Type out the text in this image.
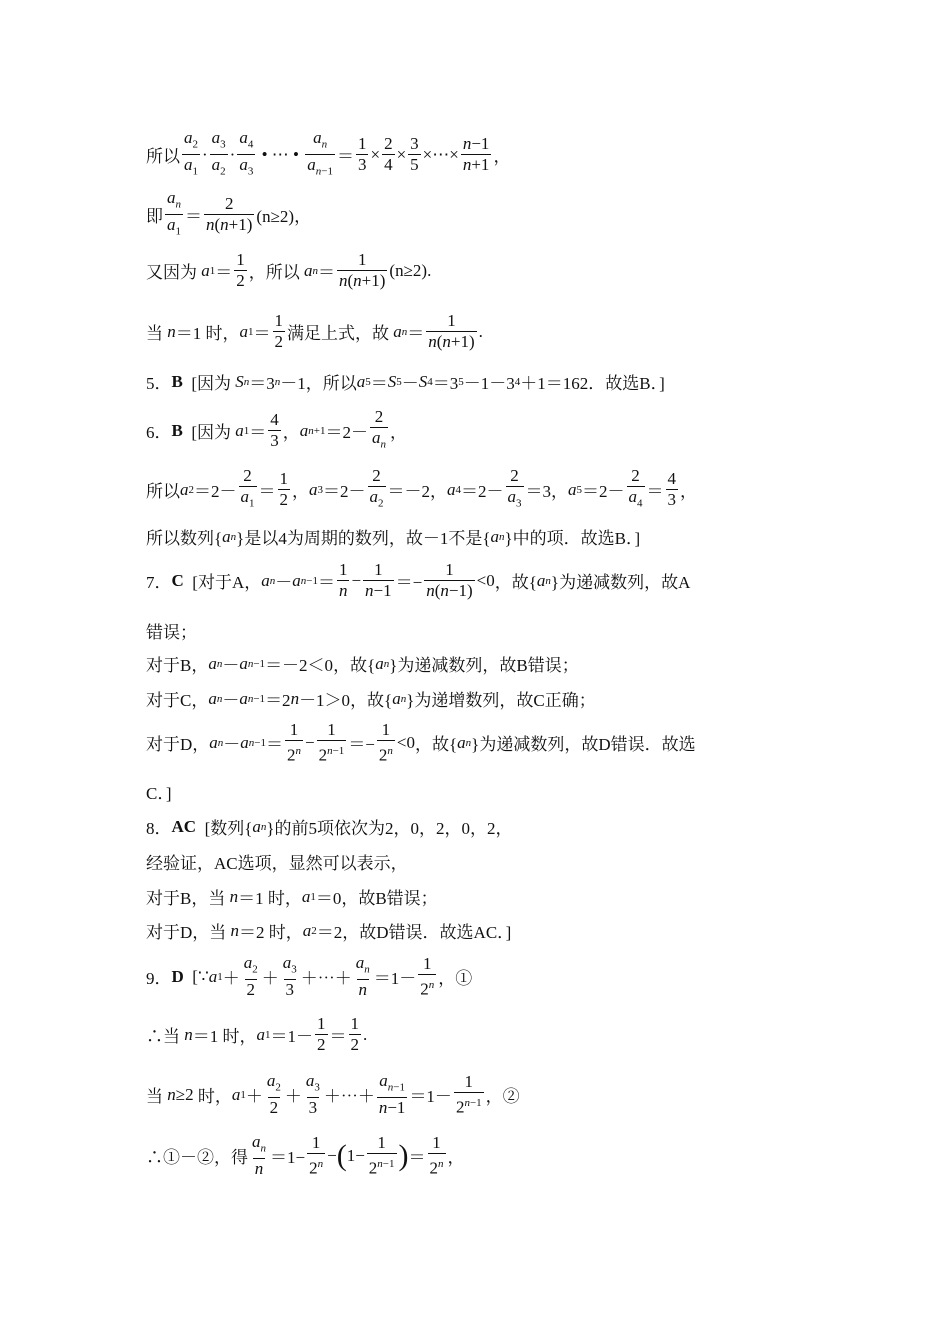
所以 $\frac{a_2}{a_1} \cdot \frac{a_3}{a_2} \cdot \frac{a_4}{a_3}$ • ⋯ • $\frac{a_n}{a_{n-1}} = \frac{1}{3} \times \frac{2}{4} \times \frac{3}{5}$ ×⋯× $\frac{n-1}{n+1}$ ，
即 $\frac{a_n}{a_1} = \frac{2}{n(n+1)} (n\ge 2)$，
又因为
a $1 = \frac{1}{2}$ ，所以
a $n = \frac{1}{n(n+1)} (n\ge 2)$.
当
n ＝1 时， a $1 = \frac{1}{2}$ 满足上式，故
a $n = \frac{1}{n(n+1)}$ .
5． B
[因为
S n ＝3 n －1，所以 a 5 ＝ S 5 － S 4 ＝3 5 －1－3 4 ＋1＝162．故选B．]
6． B
[因为
a $1 = \frac{4}{3}$ ， a $n+1 =2- \frac{2}{a_n}$ ，
所以 a $2 =2- \frac{2}{a_1} = \frac{1}{2}$ ， a $3 =2- \frac{2}{a_2} =-2$， a $4 =2- \frac{2}{a_3} =3$， a $5 =2- \frac{2}{a_4} = \frac{4}{3}$ ，
所以数列{ a n }是以4为周期的数列，故－1不是{ a n }中的项．故选B．]
7． C
[对于A， a n － a $n-1 = \frac{1}{n} - \frac{1}{n-1} =- \frac{1}{n(n-1)} <0$ ，故{ a n }为递减数列，故A
错误；
对于B， a n － a n−1 ＝－2＜0 ，故{ a n }为递减数列，故B错误；
对于C， a n － a n−1 ＝2 n －1＞0 ，故{ a n }为递增数列，故C正确；
对于D， a n － a $n-1 = \frac{1}{2^n} - \frac{1}{2^{n-1}} =- \frac{1}{2^n} <0$ ，故{ a n }为递减数列，故D错误．故选
C．]
8． AC
[数列{ a n }的前5项依次为2，0，2，0，2，
经验证，AC选项，显然可以表示，
对于B，当
n ＝1 时， a 1 ＝0 ，故B错误；
对于D，当
n ＝2 时， a 2 ＝2 ，故D错误．故选AC．]
9． D
[∵ a $1 + \frac{a_2}{2} + \frac{a_3}{3}$ ＋⋯＋ $\frac{a_n}{n} =1- \frac{1}{2^n}$ ，①
∴当
n ＝1 时， a $1 =1- \frac{1}{2} = \frac{1}{2}$ .
当
n ≥2 时， a $1 + \frac{a_2}{2} + \frac{a_3}{3}$ ＋⋯＋ $\frac{a_{n-1}}{n-1} =1- \frac{1}{2^{n-1}}$ ，②
∴①－②，得 $\frac{a_n}{n} =1- \frac{1}{2^n}$ − ( $1- \frac{1}{2^{n-1}}$ ) ＝ $\frac{1}{2^n}$ ，
